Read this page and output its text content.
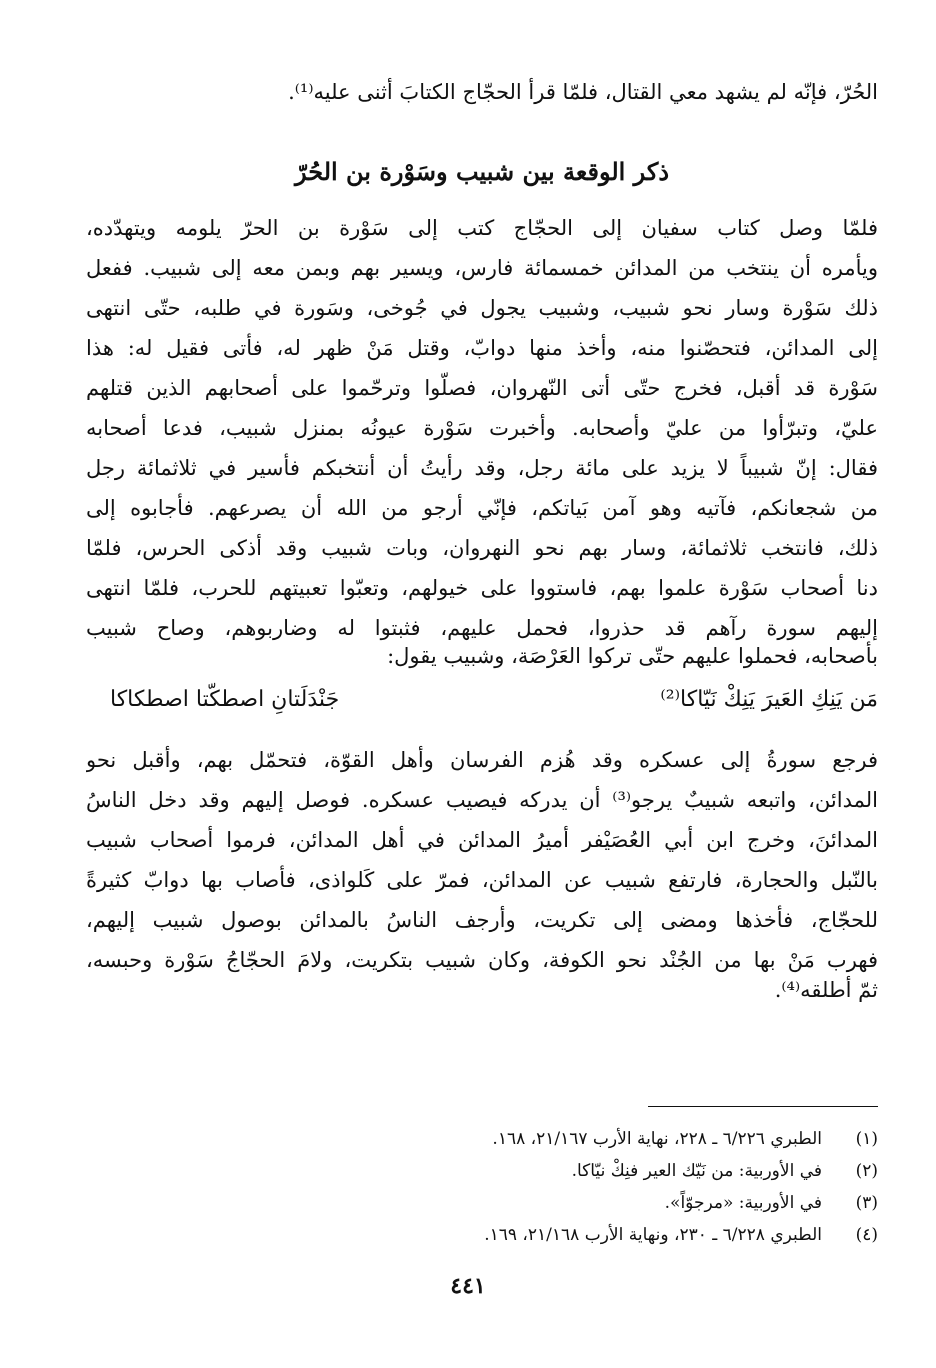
الحُرّ، فإنّه لم يشهد معي القتال، فلمّا قرأ الحجّاج الكتابَ أثنى عليه⁽¹⁾.
ذكر الوقعة بين شبيب وسَوْرة بن الحُرّ
فلمّا وصل كتاب سفيان إلى الحجّاج كتب إلى سَوْرة بن الحرّ يلومه ويتهدّده،
ويأمره أن ينتخب من المدائن خمسمائة فارس، ويسير بهم وبمن معه إلى شبيب. ففعل
ذلك سَوْرة وسار نحو شبيب، وشبيب يجول في جُوخى، وسَورة في طلبه، حتّى انتهى
إلى المدائن، فتحصّنوا منه، وأخذ منها دوابّ، وقتل مَنْ ظهر له، فأتى فقيل له: هذا
سَوْرة قد أقبل، فخرج حتّى أتى النّهروان، فصلّوا وترحّموا على أصحابهم الذين قتلهم
عليّ، وتبرّأوا من عليّ وأصحابه. وأخبرت سَوْرة عيونُه بمنزل شبيب، فدعا أصحابه
فقال: إنّ شبيباً لا يزيد على مائة رجل، وقد رأيتُ أن أنتخبكم فأسير في ثلاثمائة رجل
من شجعانكم، فآتيه وهو آمن بَياتكم، فإنّي أرجو من الله أن يصرعهم. فأجابوه إلى
ذلك، فانتخب ثلاثمائة، وسار بهم نحو النهروان، وبات شبيب وقد أذكى الحرس، فلمّا
دنا أصحاب سَوْرة علموا بهم، فاستووا على خيولهم، وتعبّوا تعبيتهم للحرب، فلمّا انتهى
إليهم سورة رآهم قد حذروا، فحمل عليهم، فثبتوا له وضاربوهم، وصاح شبيب
بأصحابه، فحملوا عليهم حتّى تركوا العَرْصَة، وشبيب يقول:
مَن يَنِكِ العَيرَ يَنِكْ نَيّاكا⁽²⁾
جَنْدَلَتانِ اصطكّتا اصطكاكا
فرجع سورةُ إلى عسكره وقد هُزم الفرسان وأهل القوّة، فتحمّل بهم، وأقبل نحو
المدائن، واتبعه شبيبٌ يرجو⁽³⁾ أن يدركه فيصيب عسكره. فوصل إليهم وقد دخل الناسُ
المدائنَ، وخرج ابن أبي العُصَيْفر أميرُ المدائن في أهل المدائن، فرموا أصحاب شبيب
بالنّبل والحجارة، فارتفع شبيب عن المدائن، فمرّ على كَلواذى، فأصاب بها دوابّ كثيرةً
للحجّاج، فأخذها ومضى إلى تكريت، وأرجف الناسُ بالمدائن بوصول شبيب إليهم،
فهرب مَنْ بها من الجُنْد نحو الكوفة، وكان شبيب بتكريت، ولامَ الحجّاجُ سَوْرة وحبسه،
ثمّ أطلقه⁽⁴⁾.
(١)الطبري ٦/٢٢٦ ـ ٢٢٨، نهاية الأرب ٢١/١٦٧، ١٦٨.
(٢)في الأوربية: من نَيّك العير فنِكْ نيّاكا.
(٣)في الأوربية: «مرجوّاً».
(٤)الطبري ٦/٢٢٨ ـ ٢٣٠، ونهاية الأرب ٢١/١٦٨، ١٦٩.
٤٤١
